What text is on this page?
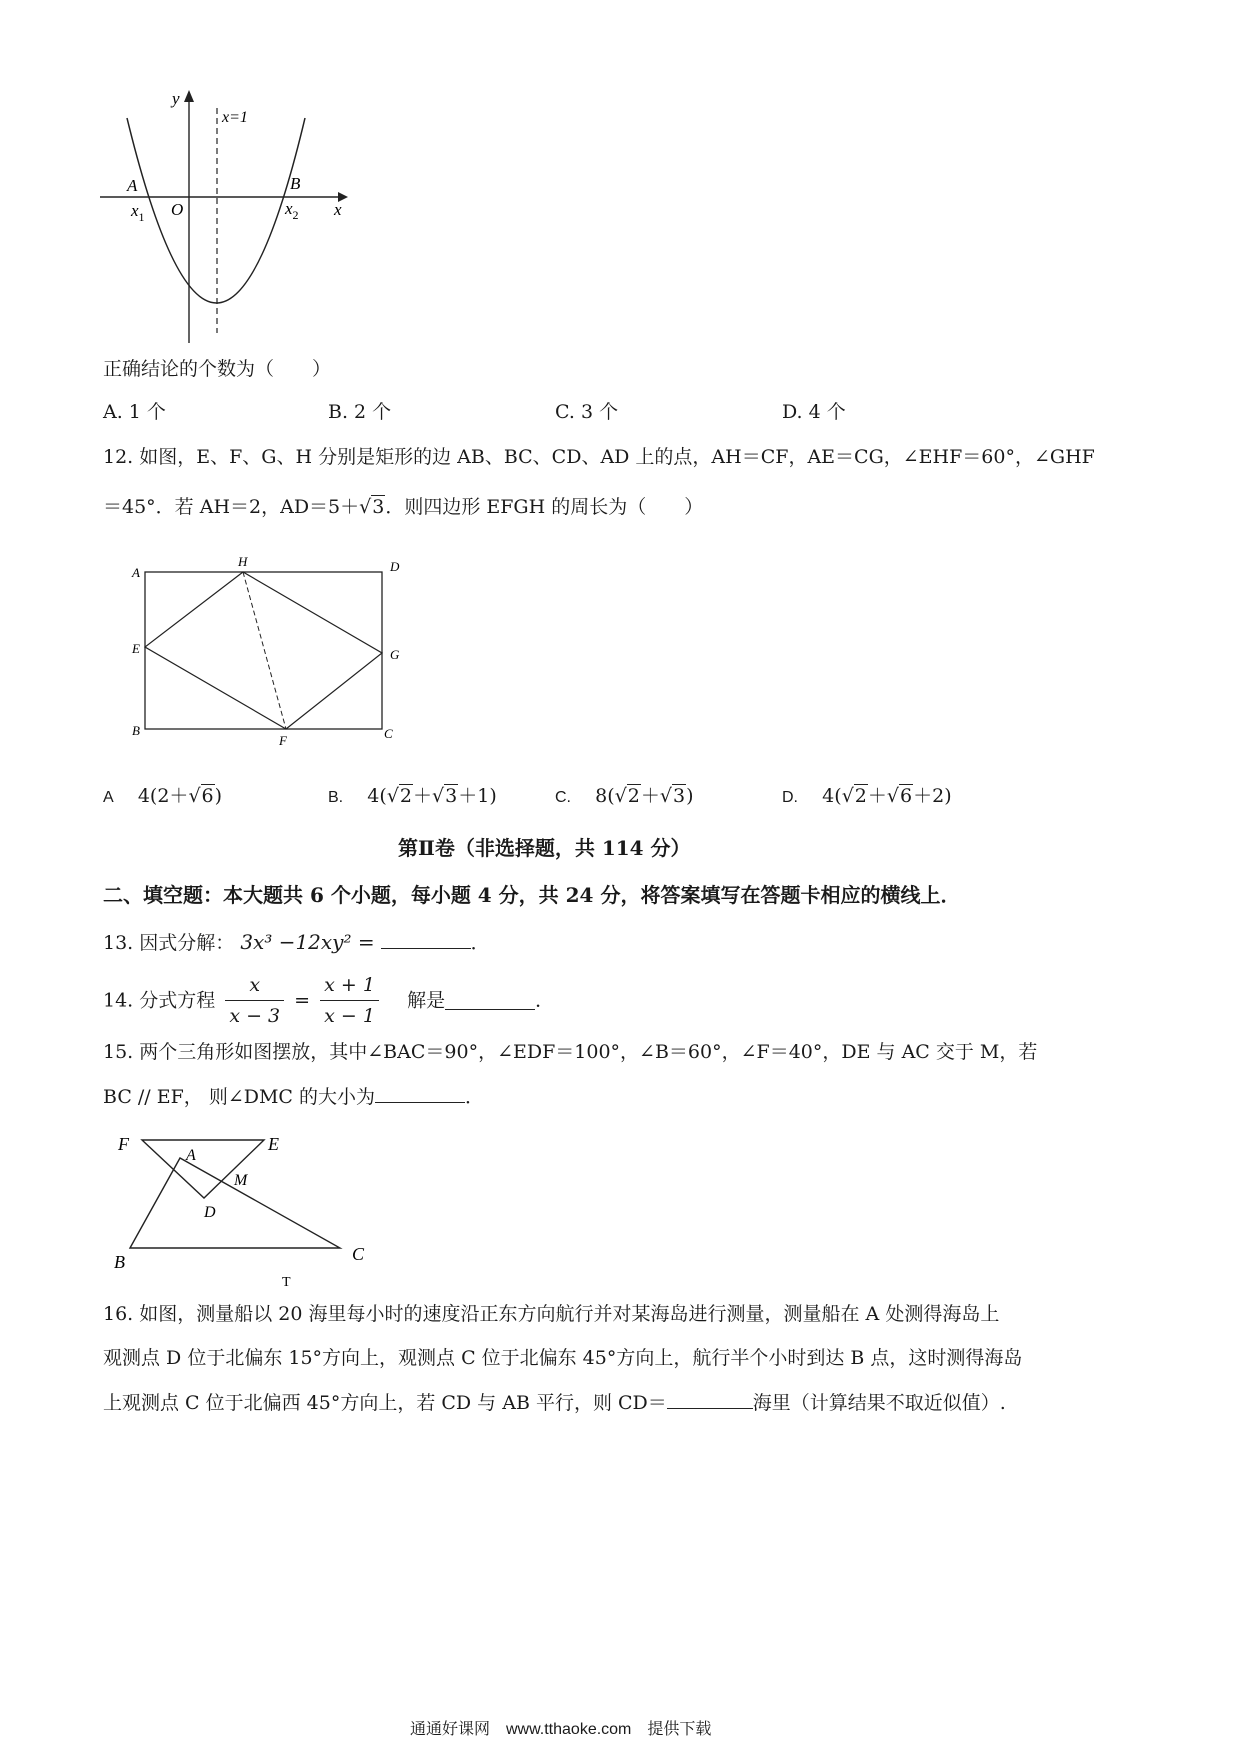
y
x=1
A	B
O	x
$x_1$	$x_2$
正确结论的个数为（　　）
A. 1 个	B. 2 个	C. 3 个	D. 4 个
12. 如图，E、F、G、H 分别是矩形的边 AB、BC、CD、AD 上的点，AH＝CF，AE＝CG，∠EHF＝60°，∠GHF
＝45°．若 AH＝2，AD＝5＋√3．则四边形 EFGH 的周长为（　　）
A
H	D
E	G
B
F	C
A 4(2＋√6)	B. 4(√2＋√3＋1)	C. 8(√2＋√3)	D. 4(√2＋√6＋2)
第Ⅱ卷（非选择题，共 114 分）
二、填空题：本大题共 6 个小题，每小题 4 分，共 24 分，将答案填写在答题卡相应的横线上．
13. 因式分解： 3x³ −12xy² =	．
14. 分式方程 $\frac{x}{x - 3} = \frac{x + 1}{x - 1}$ 解是	．
15. 两个三角形如图摆放，其中∠BAC＝90°，∠EDF＝100°，∠B＝60°，∠F＝40°，DE 与 AC 交于 M，若
BC // EF， 则∠DMC 的大小为	．
F	E
A
M
D
B	C
T
16. 如图，测量船以 20 海里每小时的速度沿正东方向航行并对某海岛进行测量，测量船在 A 处测得海岛上
观测点 D 位于北偏东 15°方向上，观测点 C 位于北偏东 45°方向上，航行半个小时到达 B 点，这时测得海岛
上观测点 C 位于北偏西 45°方向上，若 CD 与 AB 平行，则 CD＝	海里（计算结果不取近似值）.
通通好课网　www.tthaoke.com　提供下载
